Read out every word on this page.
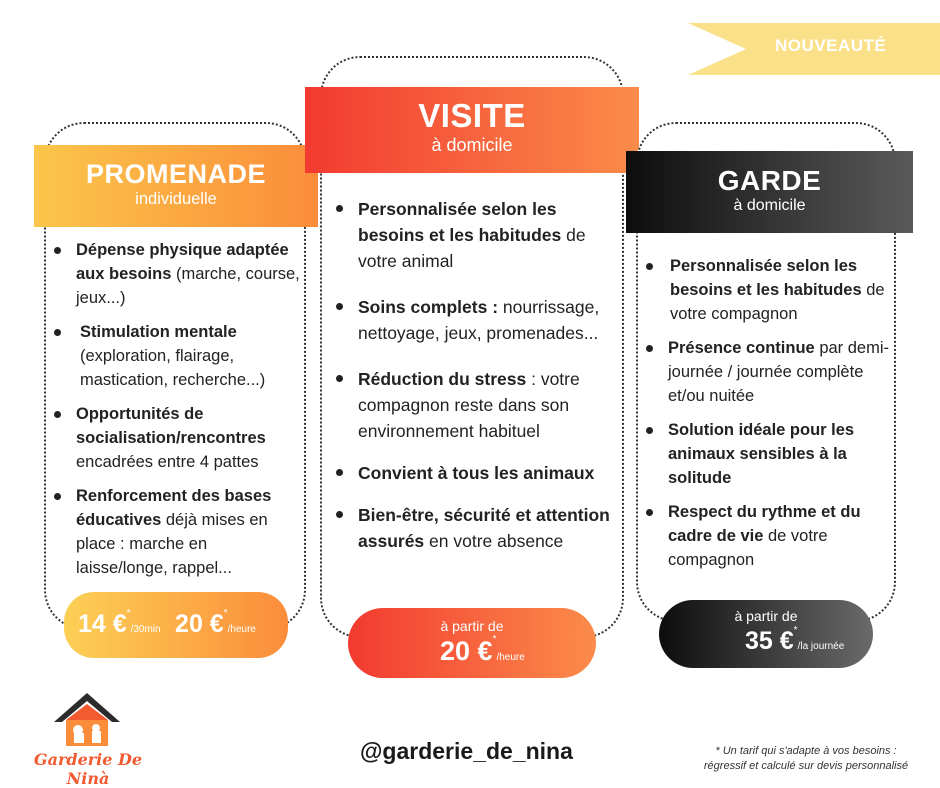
NOUVEAUTÉ
PROMENADE
individuelle
Dépense physique adaptée aux besoins (marche, course, jeux...)
Stimulation mentale (exploration, flairage, mastication, recherche...)
Opportunités de socialisation/rencontres encadrées entre 4 pattes
Renforcement des bases éducatives déjà mises en place : marche en laisse/longe, rappel...
14 €*/30min 20 €*/heure
VISITE
à domicile
Personnalisée selon les besoins et les habitudes de votre animal
Soins complets : nourrissage, nettoyage, jeux, promenades...
Réduction du stress : votre compagnon reste dans son environnement habituel
Convient à tous les animaux
Bien-être, sécurité et attention assurés en votre absence
à partir de
20 €*/heure
GARDE
à domicile
Personnalisée selon les besoins et les habitudes de votre compagnon
Présence continue par demi-journée / journée complète et/ou nuitée
Solution idéale pour les animaux sensibles à la solitude
Respect du rythme et du cadre de vie de votre compagnon
à partir de
35 €*/la journée
Garderie De Ninà
@garderie_de_nina	* Un tarif qui s'adapte à vos besoins :
régressif et calculé sur devis personnalisé
